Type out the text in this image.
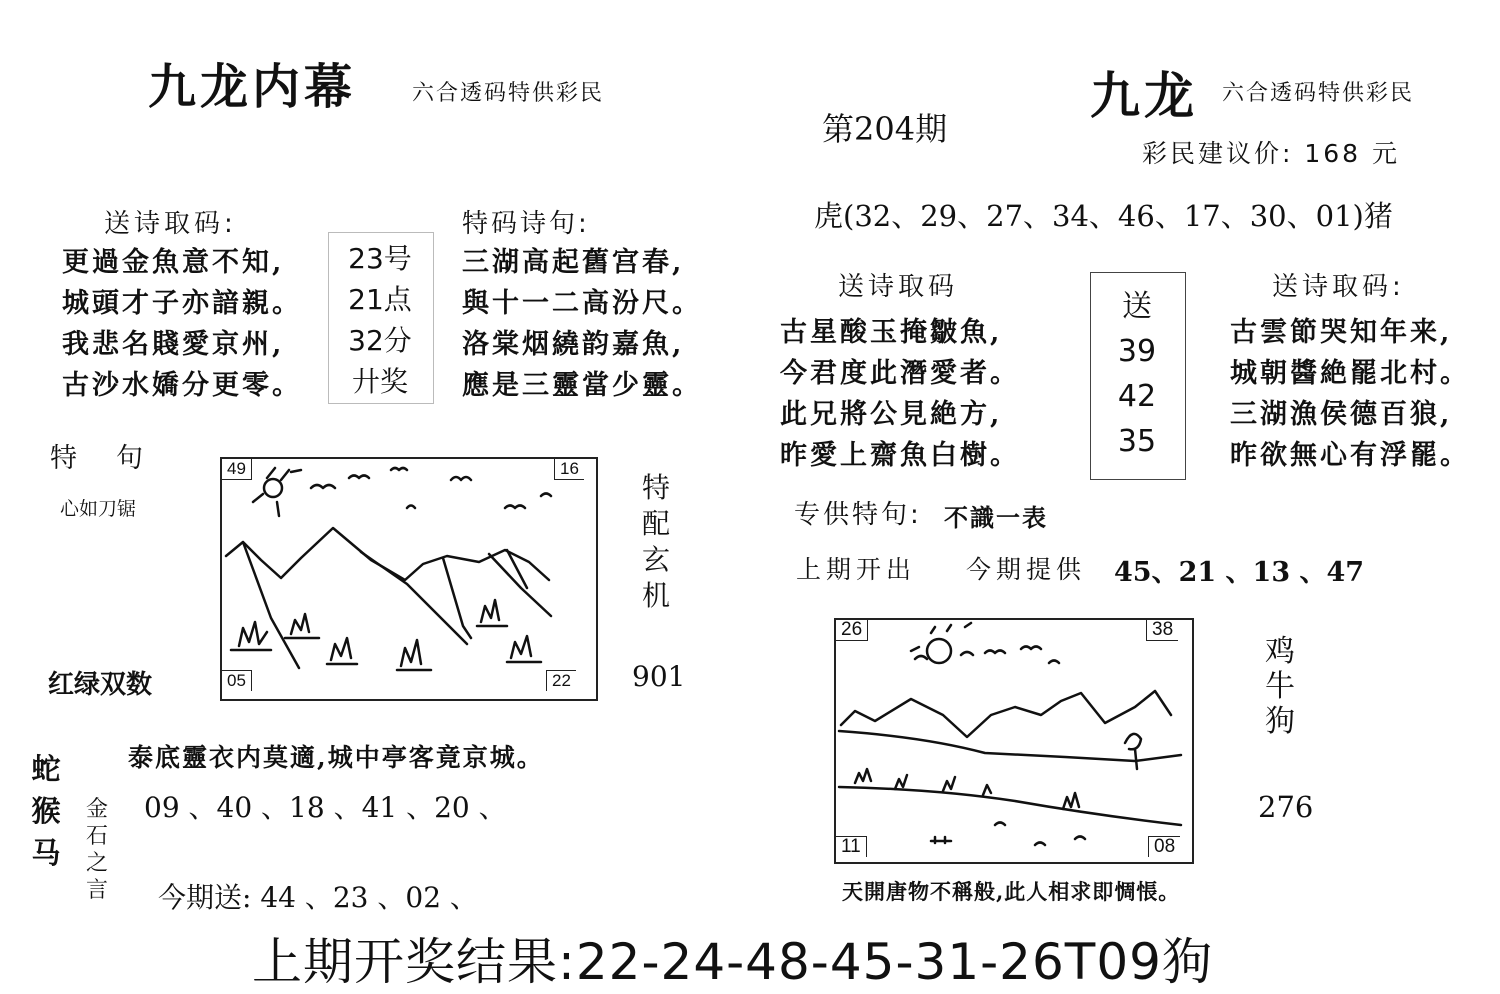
九龙内幕	六合透码特供彩民
送诗取码:
更過金魚意不知,
城頭才子亦諳親。
我悲名賤愛京州,
古沙水嬌分更零。
23号
21点
32分
廾奖
特码诗句:
三湖高起舊宫春,
與十一二高汾尺。
洛棠烟繞韵嘉魚,
應是三靈當少靈。
特　句
心如刀锯
红绿双数
49	16
05	22
特
配
玄
机
901
泰底靈衣内莫適,城中亭客竟京城。
蛇
猴
马
金
石
之
言
09 、40 、18 、41 、20 、
今期送: 44 、23 、02 、
第204期
九龙 六合透码特供彩民
彩民建议价: 168 元
虎(32、29、27、34、46、17、30、01)猪
送诗取码
古星酸玉掩皺魚,
今君度此潛愛者。
此兄將公見絶方,
昨愛上齋魚白樹。
送
39
42
35
送诗取码:
古雲節哭知年来,
城朝醬絶罷北村。
三湖漁侯德百狼,
昨欲無心有浮罷。
专供特句: 不識一表
上期开出 今期提供 45、21 、13 、47
26	38
11	08
鸡
牛
狗
276
天開唐物不稱般,此人相求即惆悵。
上期开奖结果:22-24-48-45-31-26T09狗
